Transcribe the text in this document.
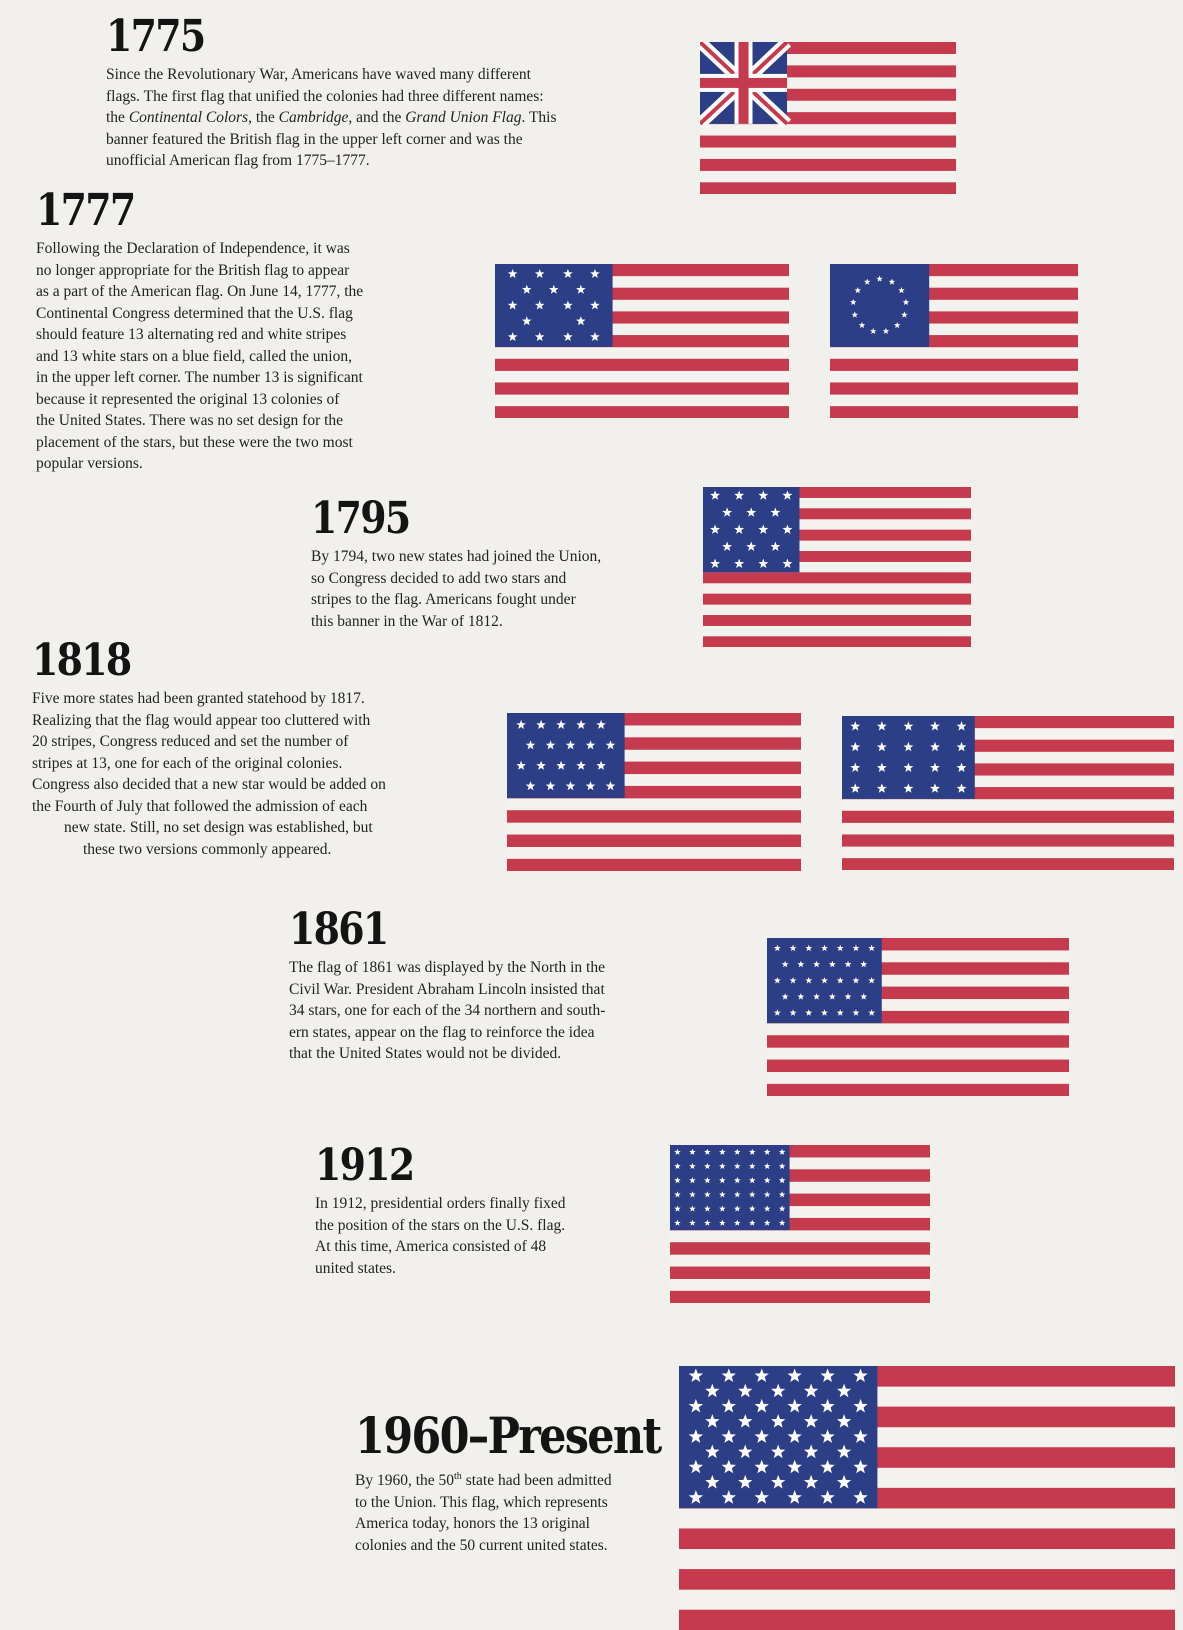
1775

Since the Revolutionary War, Americans have waved many different

flags. The first flag that unified the colonies had three different names:

the Continental Colors, the Cambridge, and the Grand Union Flag. This

banner featured the British flag in the upper left corner and was the

unofficial American flag from 1775–1777.

1777

Following the Declaration of Independence, it was

no longer appropriate for the British flag to appear

as a part of the American flag. On June 14, 1777, the

Continental Congress determined that the U.S. flag

should feature 13 alternating red and white stripes

and 13 white stars on a blue field, called the union,

in the upper left corner. The number 13 is significant

because it represented the original 13 colonies of

the United States. There was no set design for the

placement of the stars, but these were the two most

popular versions.

1795

By 1794, two new states had joined the Union,

so Congress decided to add two stars and

stripes to the flag. Americans fought under

this banner in the War of 1812.

1818

Five more states had been granted statehood by 1817.

Realizing that the flag would appear too cluttered with

20 stripes, Congress reduced and set the number of

stripes at 13, one for each of the original colonies.

Congress also decided that a new star would be added on

the Fourth of July that followed the admission of each

new state. Still, no set design was established, but

these two versions commonly appeared.

1861

The flag of 1861 was displayed by the North in the

Civil War. President Abraham Lincoln insisted that

34 stars, one for each of the 34 northern and south-

ern states, appear on the flag to reinforce the idea

that the United States would not be divided.

1912

In 1912, presidential orders finally fixed

the position of the stars on the U.S. flag.

At this time, America consisted of 48

united states.

1960–Present

By 1960, the 50th state had been admitted

to the Union. This flag, which represents

America today, honors the 13 original

colonies and the 50 current united states.
